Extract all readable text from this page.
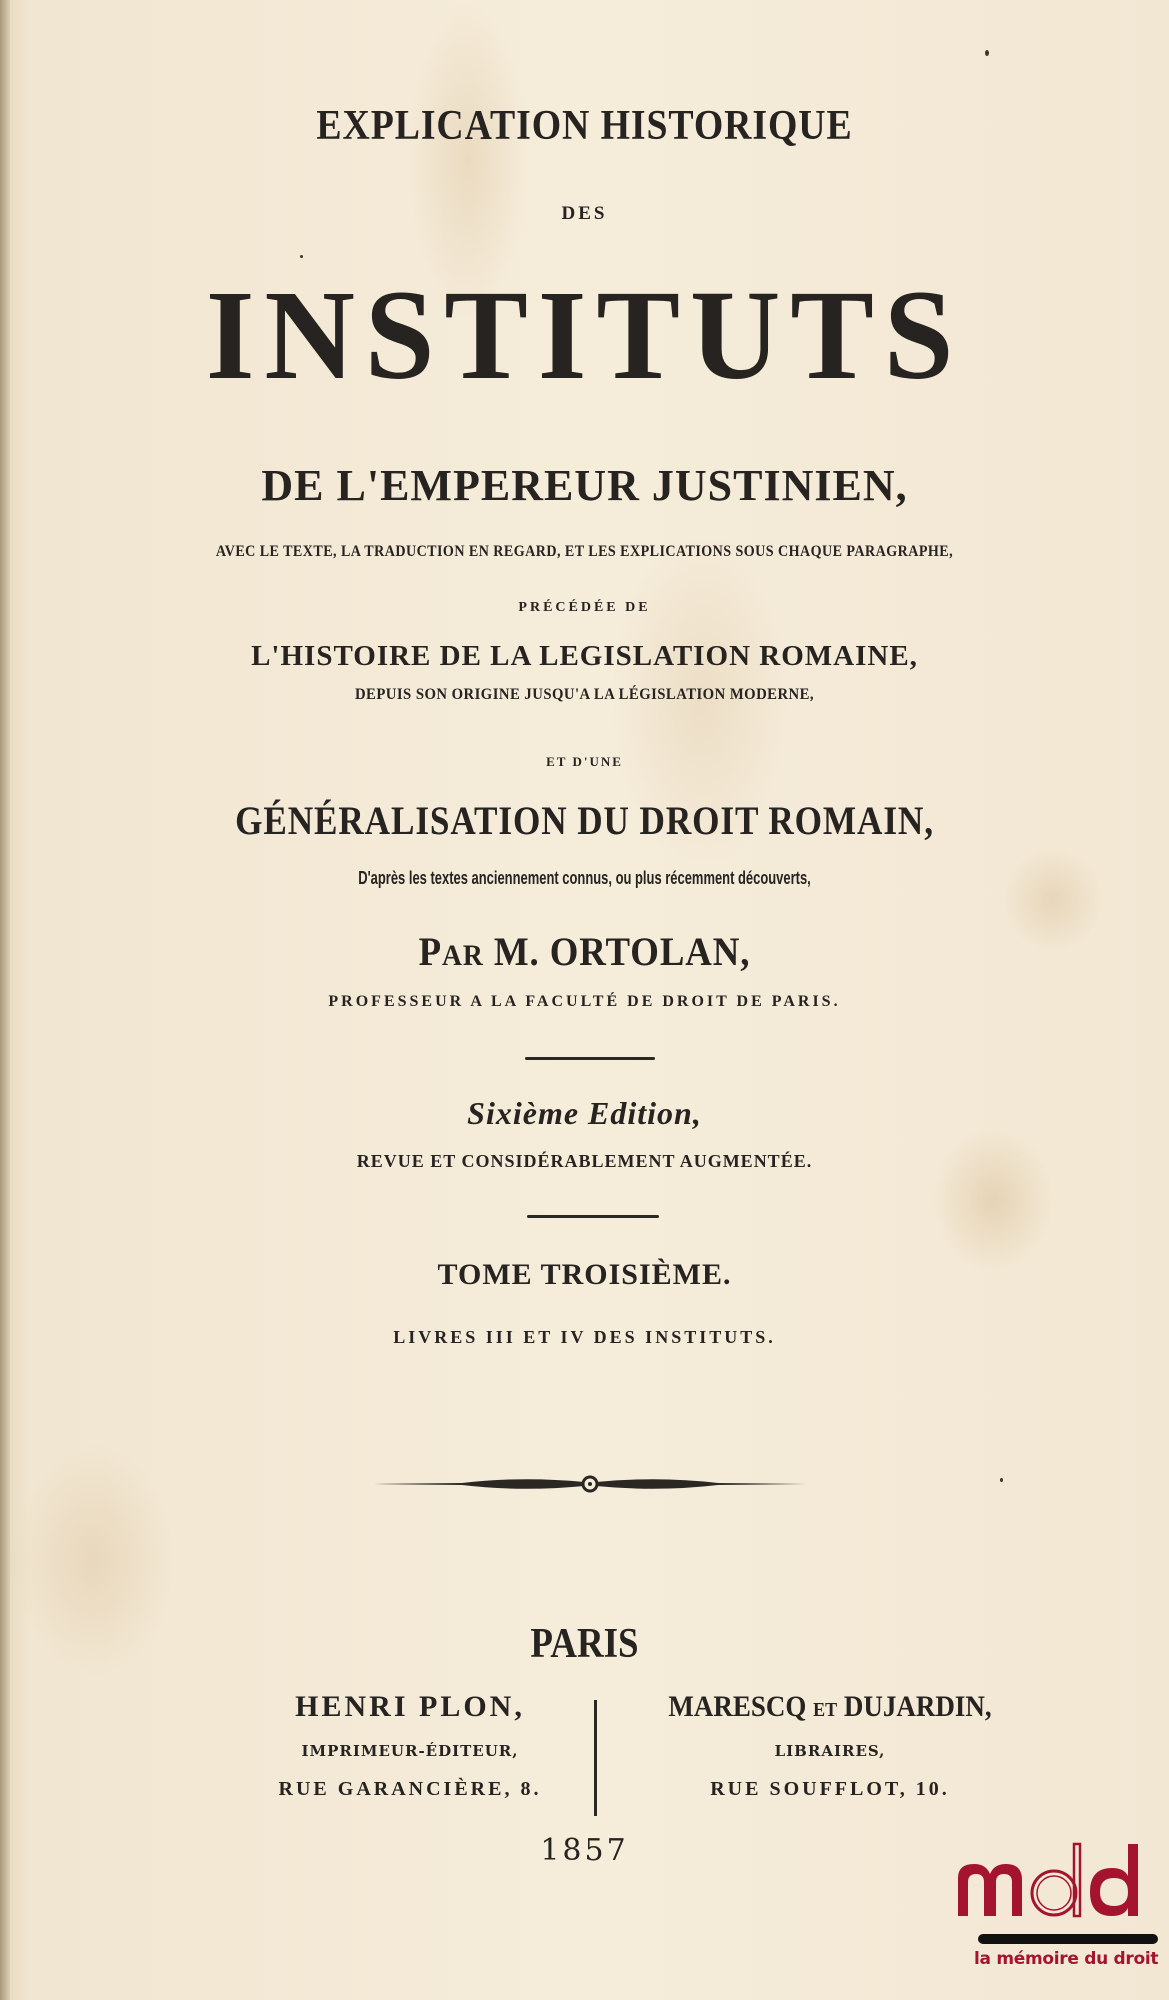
EXPLICATION HISTORIQUE
DES
INSTITUTS
DE L'EMPEREUR JUSTINIEN,
AVEC LE TEXTE, LA TRADUCTION EN REGARD, ET LES EXPLICATIONS SOUS CHAQUE PARAGRAPHE,
PRÉCÉDÉE DE
L'HISTOIRE DE LA LEGISLATION ROMAINE,
DEPUIS SON ORIGINE JUSQU'A LA LÉGISLATION MODERNE,
ET D'UNE
GÉNÉRALISATION DU DROIT ROMAIN,
D'après les textes anciennement connus, ou plus récemment découverts,
PAR M. ORTOLAN,
PROFESSEUR A LA FACULTÉ DE DROIT DE PARIS.
Sixième Edition,
REVUE ET CONSIDÉRABLEMENT AUGMENTÉE.
TOME TROISIÈME.
LIVRES III ET IV DES INSTITUTS.
PARIS
HENRI PLON,
IMPRIMEUR-ÉDITEUR,
RUE GARANCIÈRE, 8.
MARESCQ ET DUJARDIN,
LIBRAIRES,
RUE SOUFFLOT, 10.
1857
la mémoire du droit
